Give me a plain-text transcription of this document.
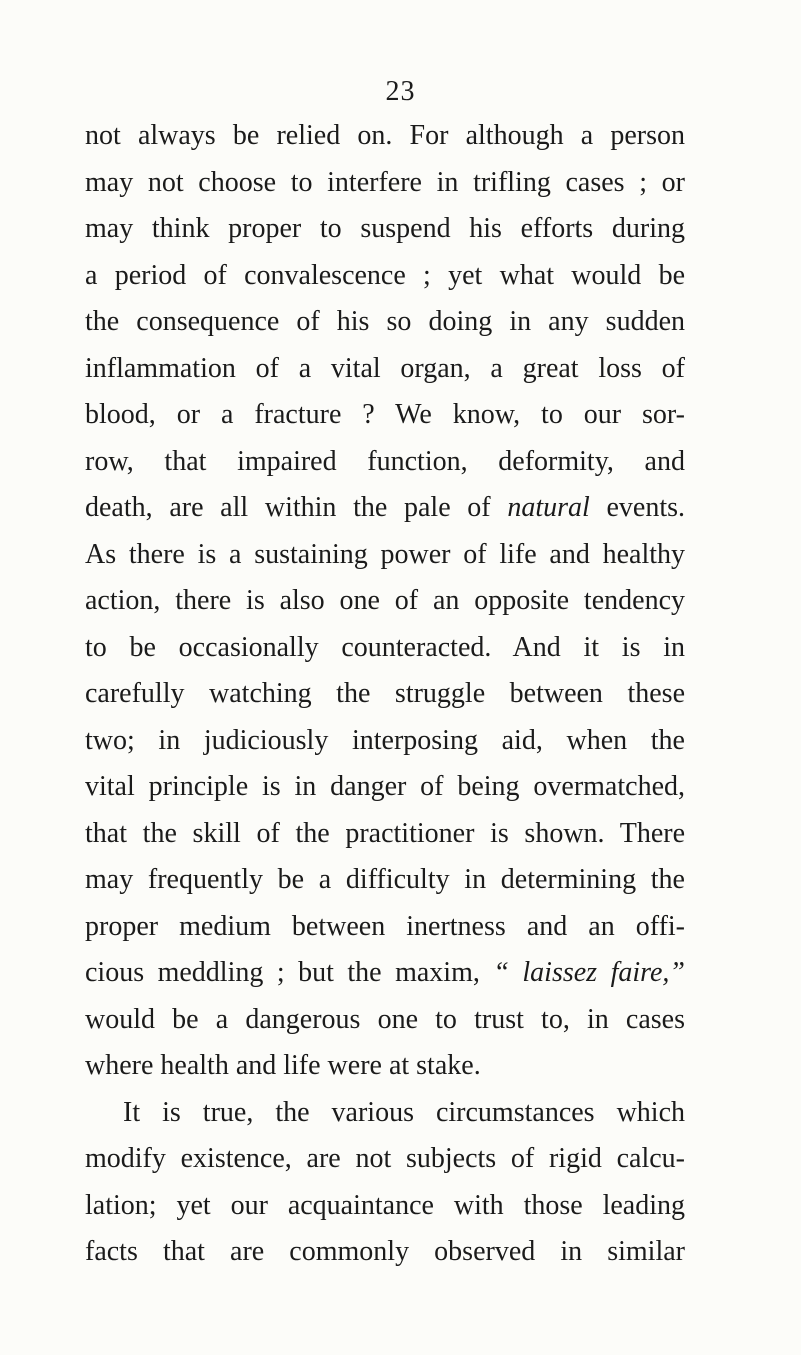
23
not always be relied on. For although a person
may not choose to interfere in trifling cases ; or
may think proper to suspend his efforts during
a period of convalescence ; yet what would be
the consequence of his so doing in any sudden
inflammation of a vital organ, a great loss of
blood, or a fracture ? We know, to our sor-
row, that impaired function, deformity, and
death, are all within the pale of natural events.
As there is a sustaining power of life and healthy
action, there is also one of an opposite tendency
to be occasionally counteracted. And it is in
carefully watching the struggle between these
two; in judiciously interposing aid, when the
vital principle is in danger of being overmatched,
that the skill of the practitioner is shown. There
may frequently be a difficulty in determining the
proper medium between inertness and an offi-
cious meddling ; but the maxim, “ laissez faire,”
would be a dangerous one to trust to, in cases
where health and life were at stake.
It is true, the various circumstances which
modify existence, are not subjects of rigid calcu-
lation; yet our acquaintance with those leading
facts that are commonly observed in similar
